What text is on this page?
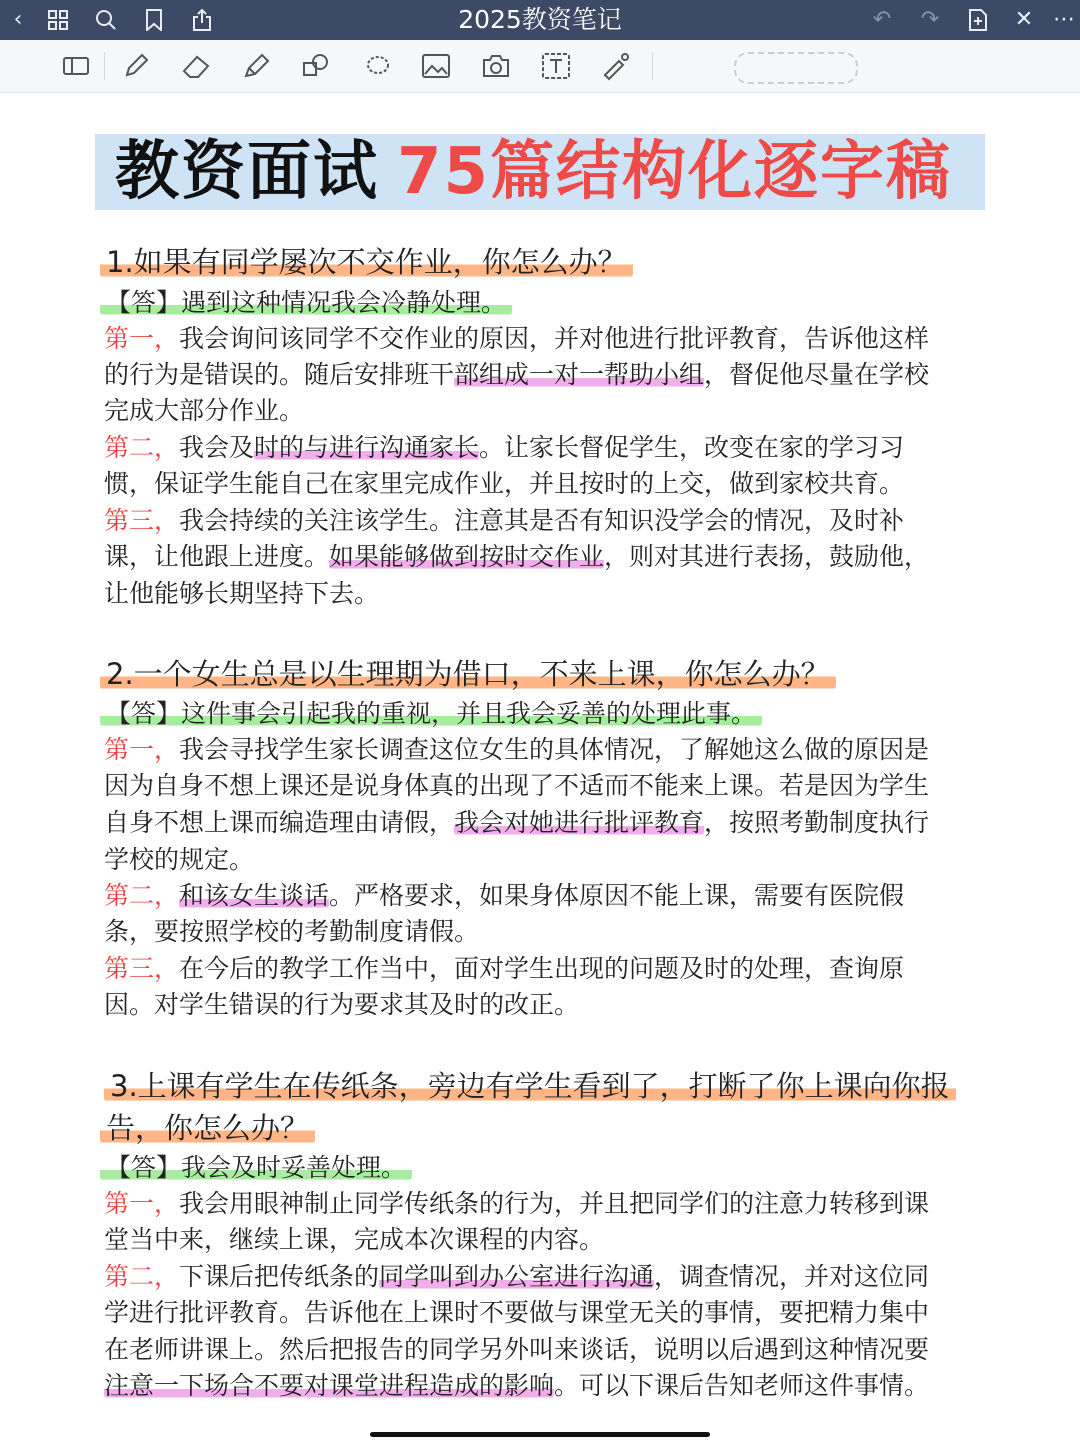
‹	2025教资笔记	↶	↷	✕ ⋯
教资面试 75篇结构化逐字稿
1.如果有同学屡次不交作业，你怎么办？
【答】遇到这种情况我会冷静处理。
第一，我会询问该同学不交作业的原因，并对他进行批评教育，告诉他这样
的行为是错误的。随后安排班干部组成一对一帮助小组，督促他尽量在学校
完成大部分作业。
第二，我会及时的与进行沟通家长。让家长督促学生，改变在家的学习习
惯，保证学生能自己在家里完成作业，并且按时的上交，做到家校共育。
第三，我会持续的关注该学生。注意其是否有知识没学会的情况，及时补
课，让他跟上进度。如果能够做到按时交作业，则对其进行表扬，鼓励他，
让他能够长期坚持下去。
2.一个女生总是以生理期为借口，不来上课，你怎么办？
【答】这件事会引起我的重视，并且我会妥善的处理此事。
第一，我会寻找学生家长调查这位女生的具体情况，了解她这么做的原因是
因为自身不想上课还是说身体真的出现了不适而不能来上课。若是因为学生
自身不想上课而编造理由请假，我会对她进行批评教育，按照考勤制度执行
学校的规定。
第二，和该女生谈话。严格要求，如果身体原因不能上课，需要有医院假
条，要按照学校的考勤制度请假。
第三，在今后的教学工作当中，面对学生出现的问题及时的处理，查询原
因。对学生错误的行为要求其及时的改正。
3.上课有学生在传纸条，旁边有学生看到了，打断了你上课向你报
告，你怎么办？
【答】我会及时妥善处理。
第一，我会用眼神制止同学传纸条的行为，并且把同学们的注意力转移到课
堂当中来，继续上课，完成本次课程的内容。
第二，下课后把传纸条的同学叫到办公室进行沟通，调查情况，并对这位同
学进行批评教育。告诉他在上课时不要做与课堂无关的事情，要把精力集中
在老师讲课上。然后把报告的同学另外叫来谈话，说明以后遇到这种情况要
注意一下场合不要对课堂进程造成的影响。可以下课后告知老师这件事情。
